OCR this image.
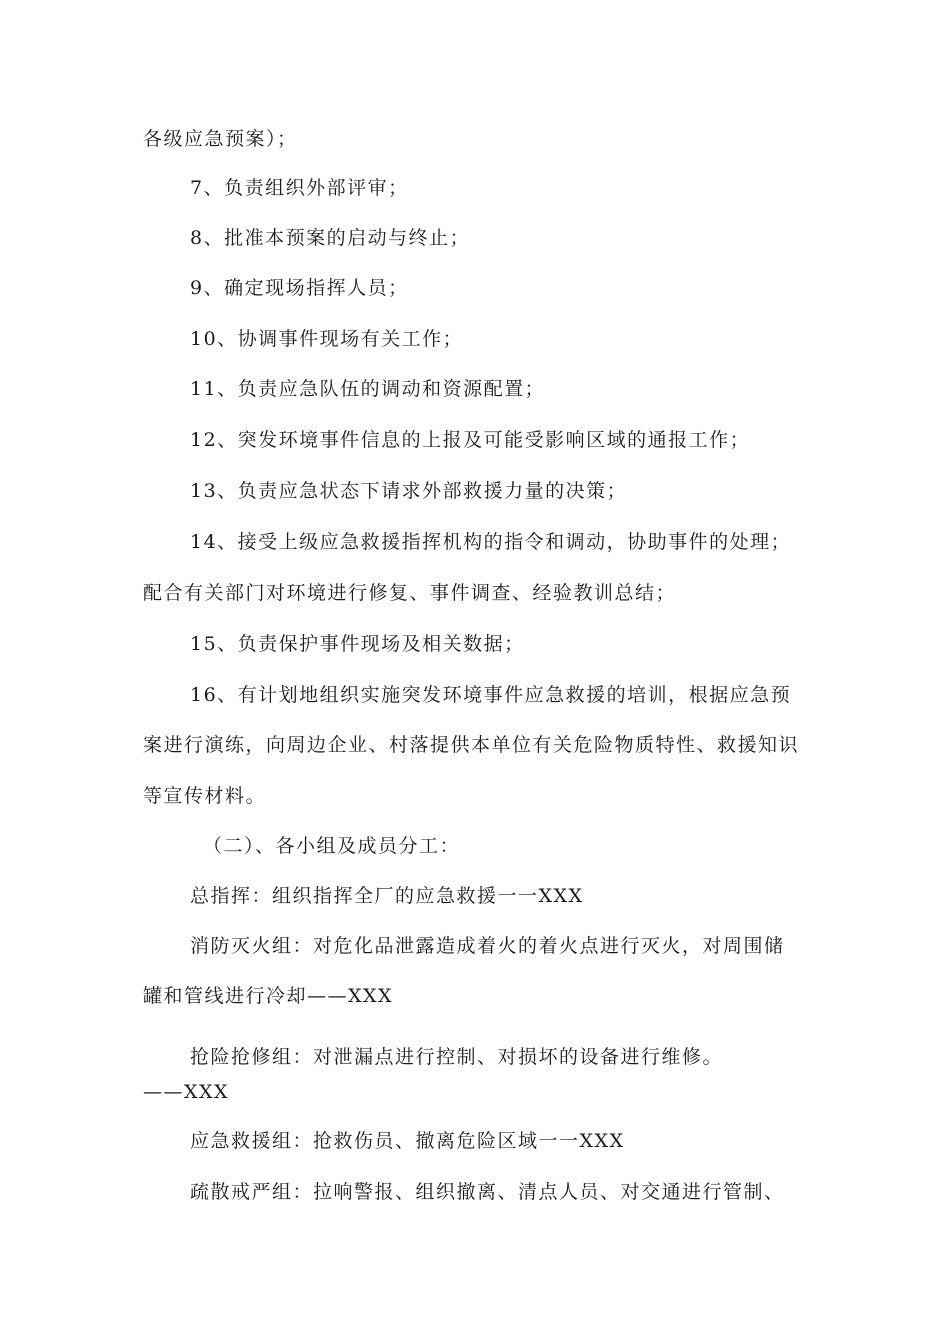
各级应急预案）；
7、负责组织外部评审；
8、批准本预案的启动与终止；
9、确定现场指挥人员；
10、协调事件现场有关工作；
11、负责应急队伍的调动和资源配置；
12、突发环境事件信息的上报及可能受影响区域的通报工作；
13、负责应急状态下请求外部救援力量的决策；
14、接受上级应急救援指挥机构的指令和调动，协助事件的处理；
配合有关部门对环境进行修复、事件调查、经验教训总结；
15、负责保护事件现场及相关数据；
16、有计划地组织实施突发环境事件应急救援的培训，根据应急预
案进行演练，向周边企业、村落提供本单位有关危险物质特性、救援知识
等宣传材料。
（二）、各小组及成员分工：
总指挥：组织指挥全厂的应急救援一一XXX
消防灭火组：对危化品泄露造成着火的着火点进行灭火，对周围储
罐和管线进行冷却——XXX
抢险抢修组：对泄漏点进行控制、对损坏的设备进行维修。
——XXX
应急救援组：抢救伤员、撤离危险区域一一XXX
疏散戒严组：拉响警报、组织撤离、清点人员、对交通进行管制、
